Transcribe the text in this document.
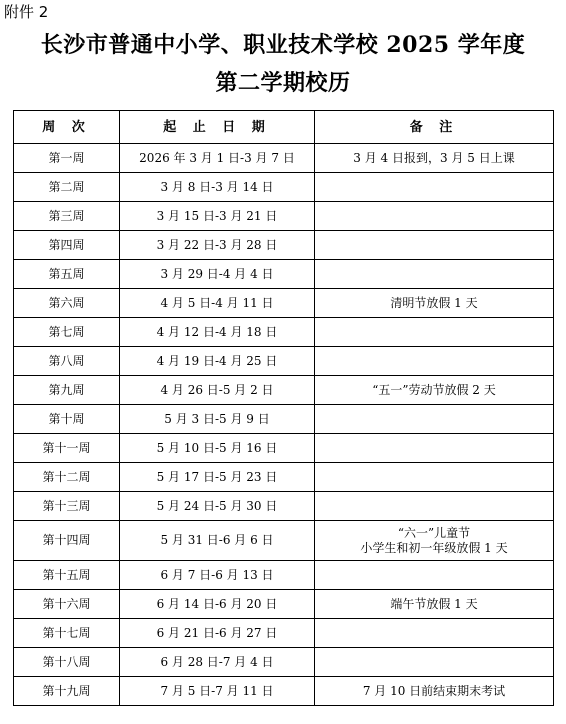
附件 2
长沙市普通中小学、职业技术学校 2025 学年度
第二学期校历
周 次	起 止 日 期	备 注
第一周	2026 年 3 月 1 日-3 月 7 日	3 月 4 日报到，3 月 5 日上课

第二周	3 月 8 日-3 月 14 日	
第三周	3 月 15 日-3 月 21 日	
第四周	3 月 22 日-3 月 28 日	
第五周	3 月 29 日-4 月 4 日	
第六周	4 月 5 日-4 月 11 日	清明节放假 1 天

第七周	4 月 12 日-4 月 18 日	
第八周	4 月 19 日-4 月 25 日	
第九周	4 月 26 日-5 月 2 日	“五一”劳动节放假 2 天

第十周	5 月 3 日-5 月 9 日	
第十一周	5 月 10 日-5 月 16 日	
第十二周	5 月 17 日-5 月 23 日	
第十三周	5 月 24 日-5 月 30 日	
第十四周	5 月 31 日-6 月 6 日	“六一”儿童节
小学生和初一年级放假 1 天

第十五周	6 月 7 日-6 月 13 日	
第十六周	6 月 14 日-6 月 20 日	端午节放假 1 天

第十七周	6 月 21 日-6 月 27 日	
第十八周	6 月 28 日-7 月 4 日	
第十九周	7 月 5 日-7 月 11 日	7 月 10 日前结束期末考试
